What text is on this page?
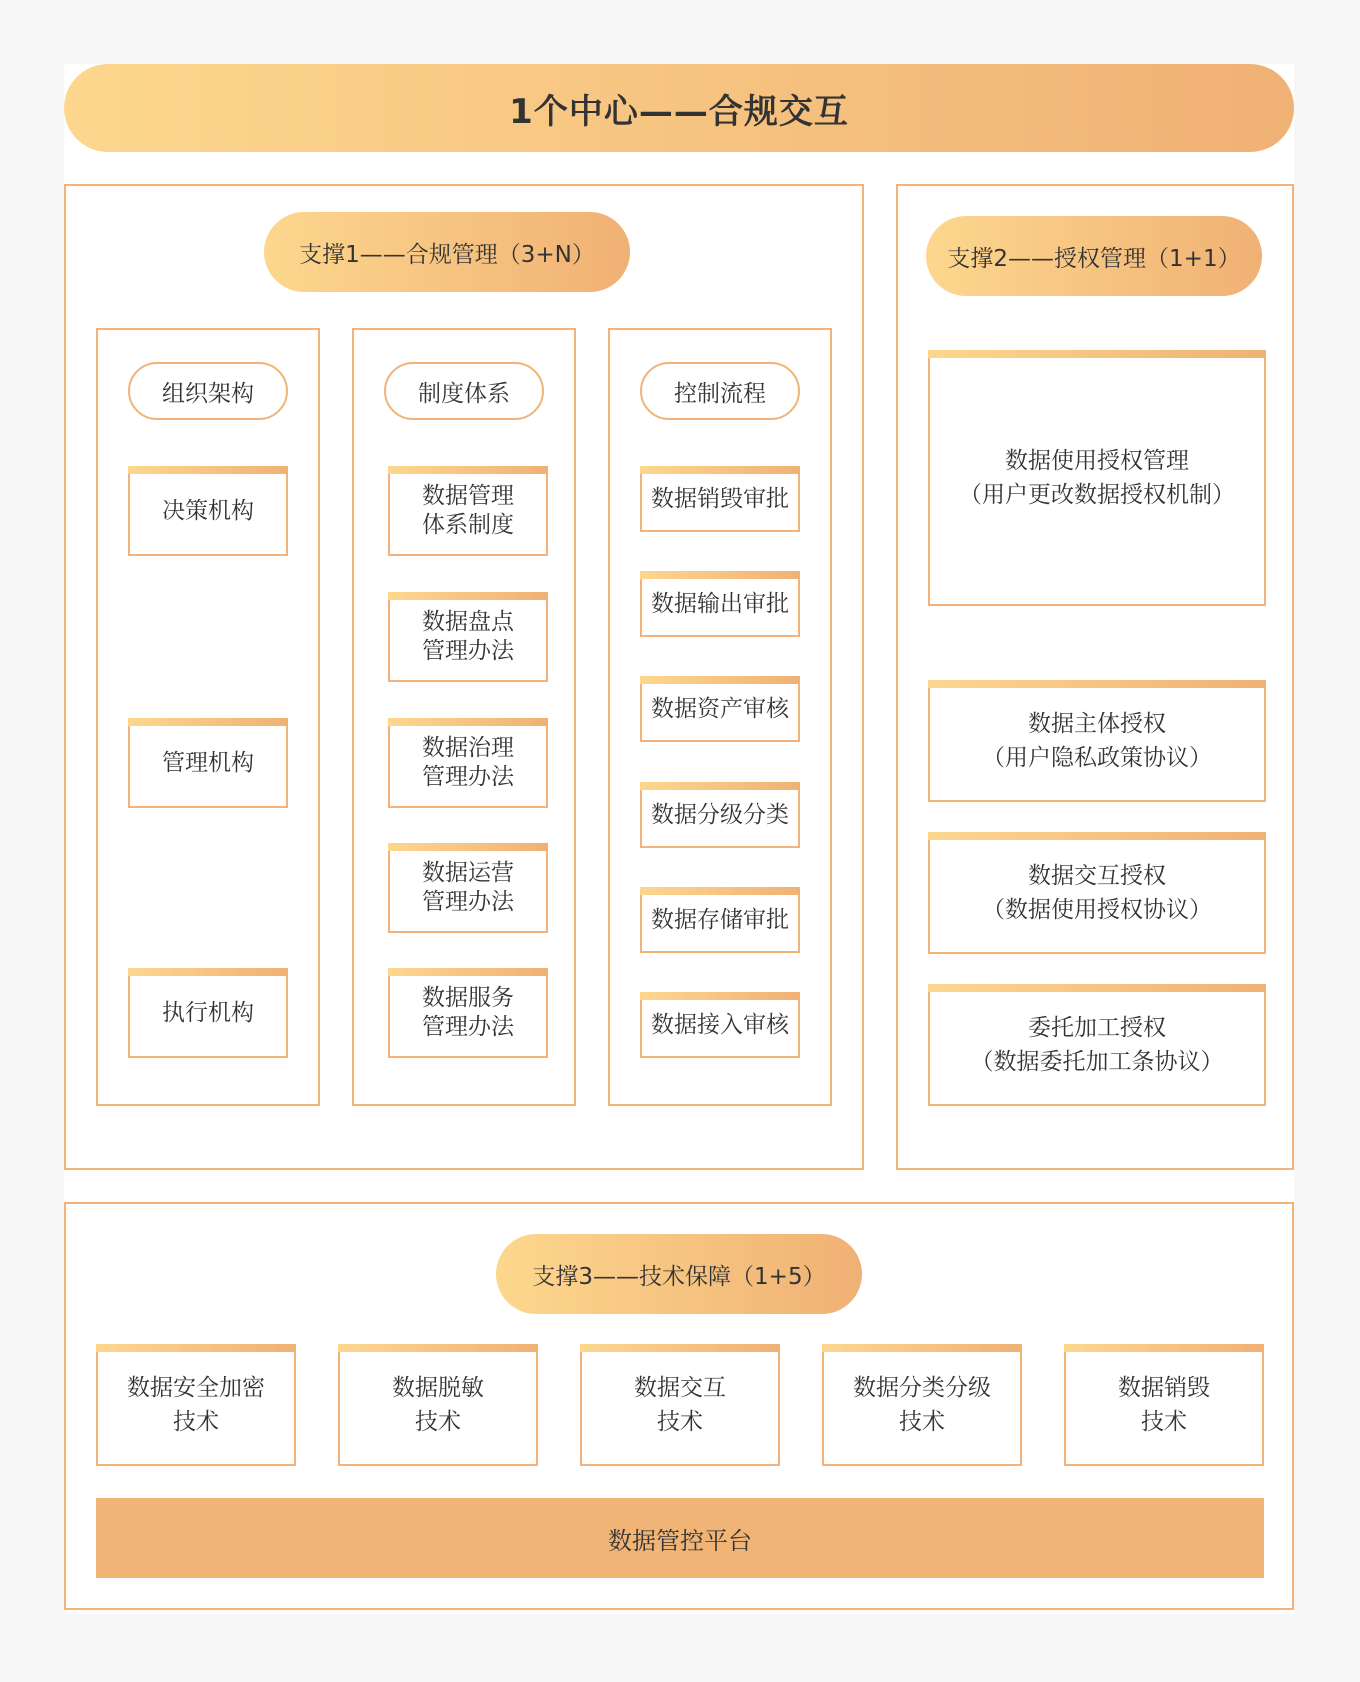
1个中心——合规交互
支撑1——合规管理（3+N）
组织架构
决策机构
管理机构
执行机构
制度体系
数据管理
体系制度
数据盘点
管理办法
数据治理
管理办法
数据运营
管理办法
数据服务
管理办法
控制流程
数据销毁审批
数据输出审批
数据资产审核
数据分级分类
数据存储审批
数据接入审核
支撑2——授权管理（1+1）
数据使用授权管理
（用户更改数据授权机制）
数据主体授权
（用户隐私政策协议）
数据交互授权
（数据使用授权协议）
委托加工授权
（数据委托加工条协议）
支撑3——技术保障（1+5）
数据安全加密
技术
数据脱敏
技术
数据交互
技术
数据分类分级
技术
数据销毁
技术
数据管控平台
